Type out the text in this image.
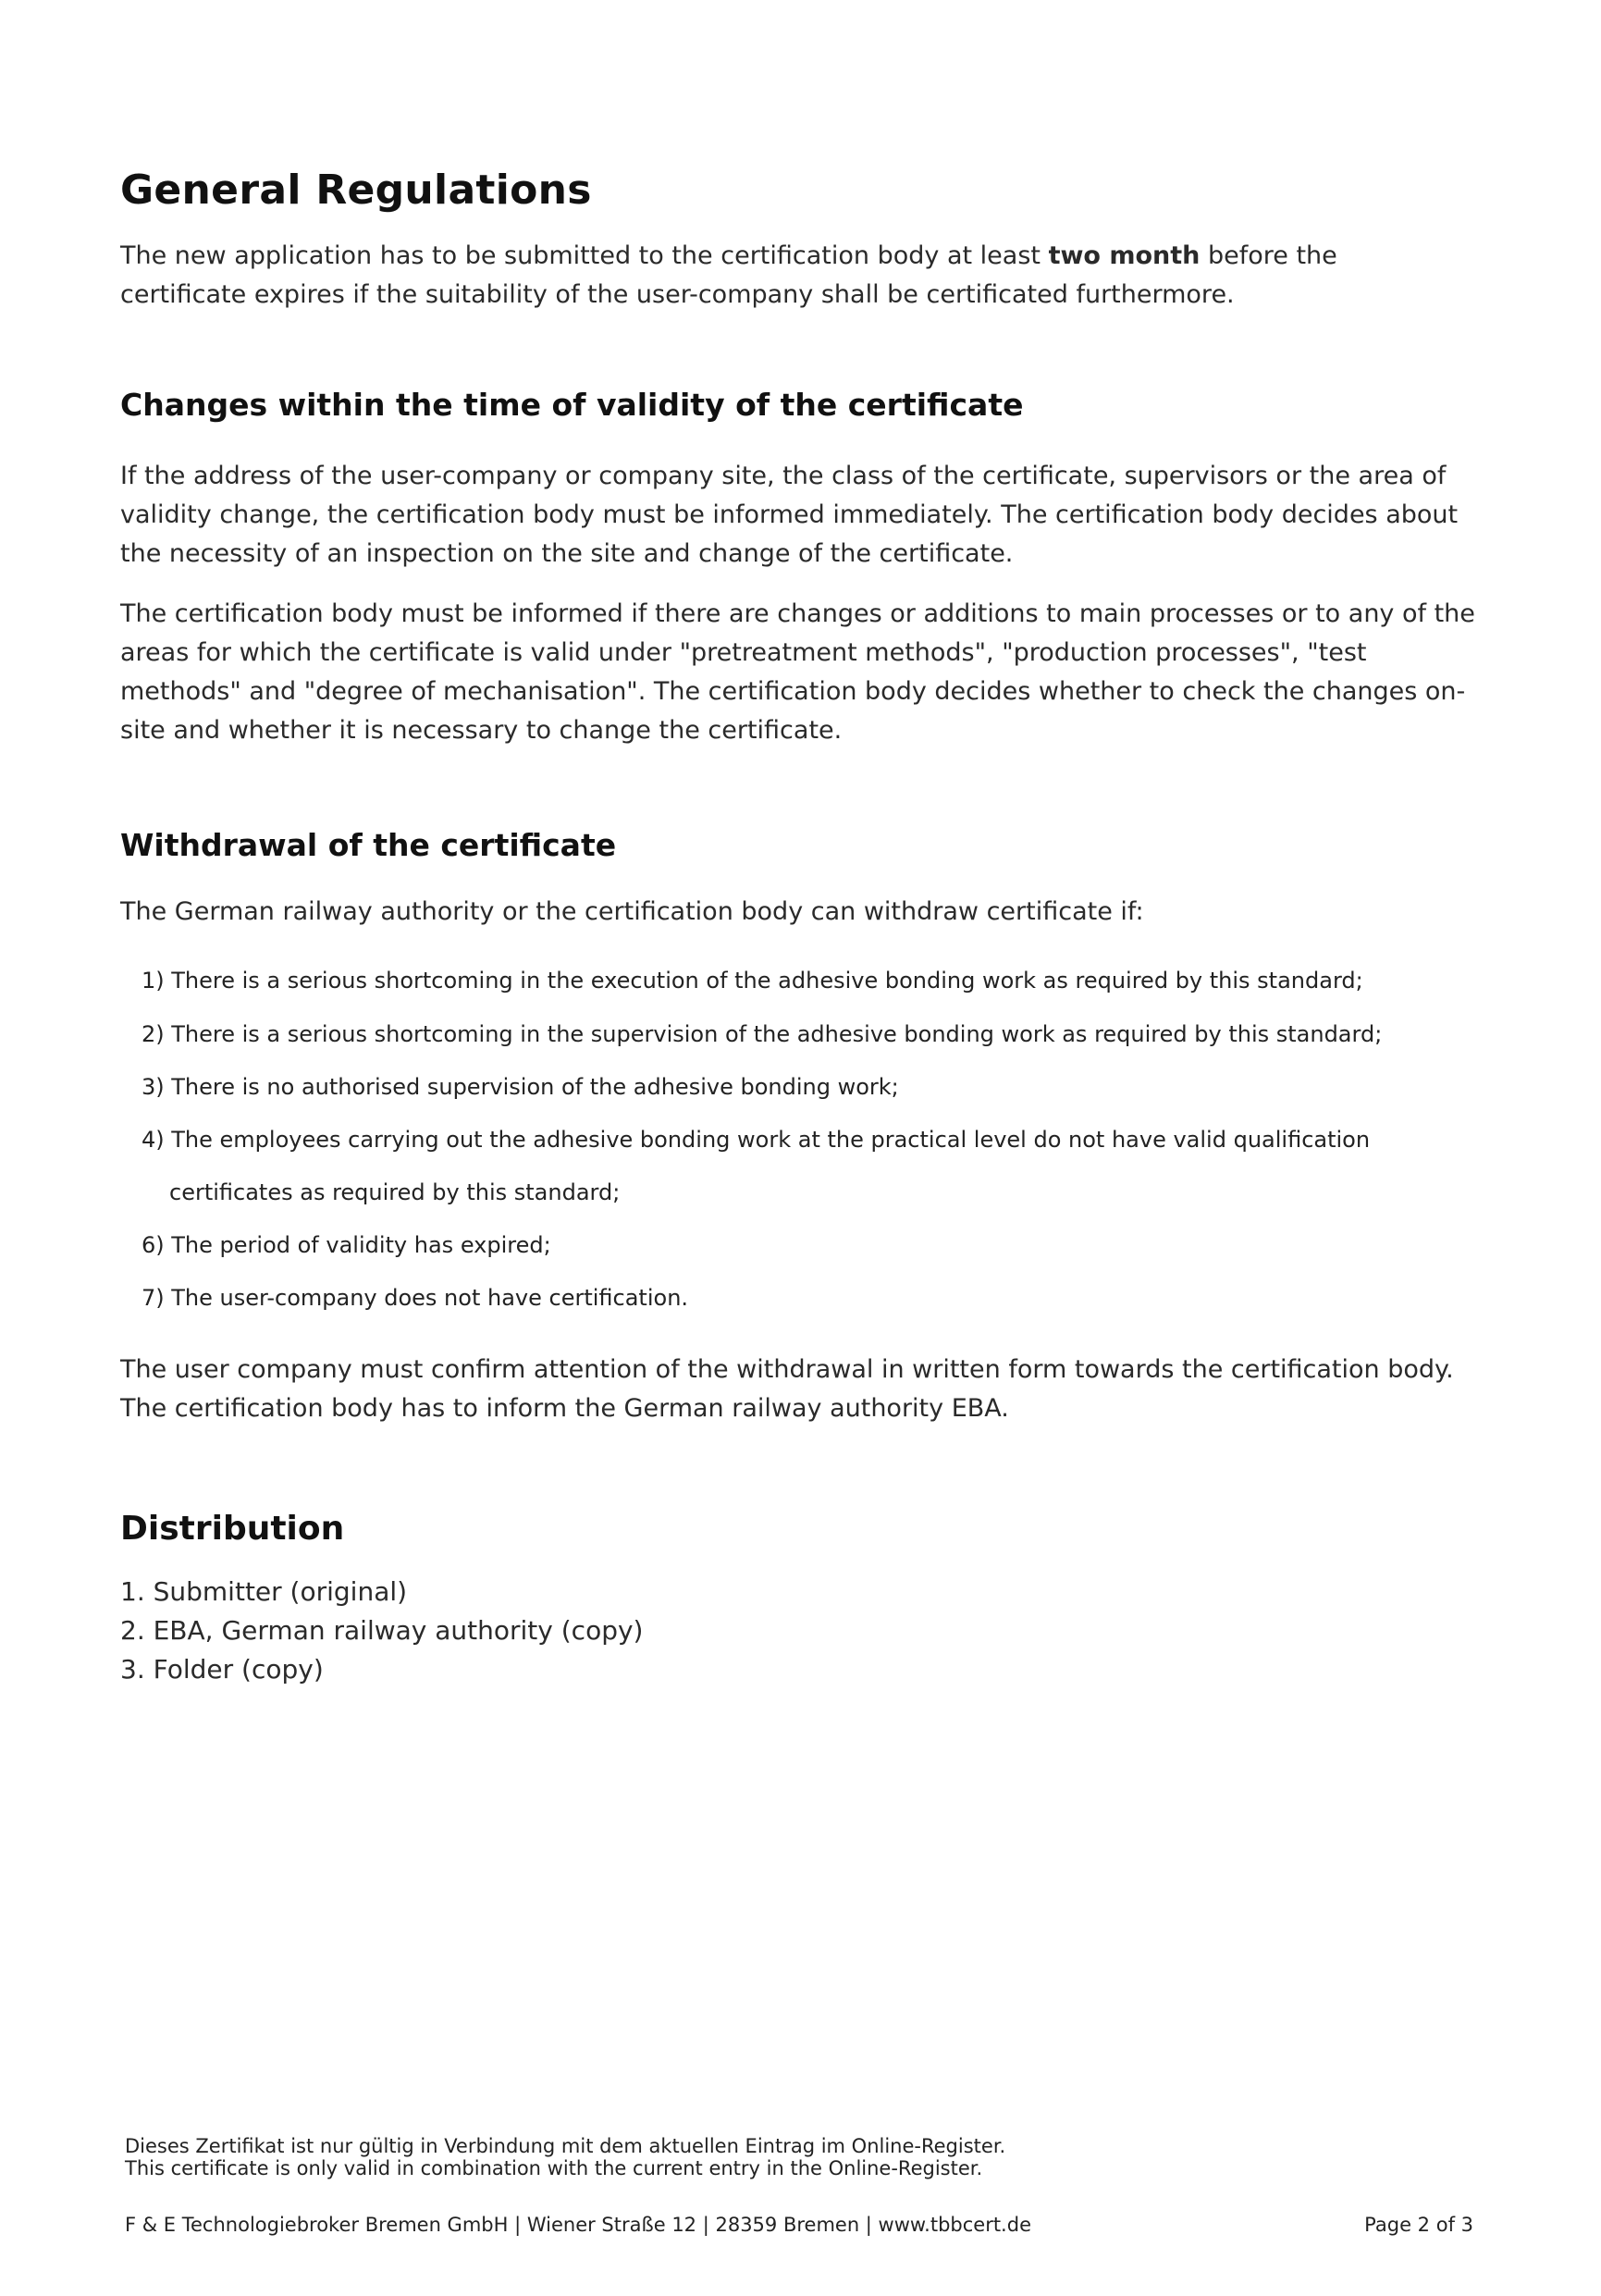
General Regulations

The new application has to be submitted to the certification body at least two month before the certificate expires if the suitability of the user-company shall be certificated furthermore.

Changes within the time of validity of the certificate

If the address of the user-company or company site, the class of the certificate, supervisors or the area of validity change, the certification body must be informed immediately. The certification body decides about the necessity of an inspection on the site and change of the certificate.

The certification body must be informed if there are changes or additions to main processes or to any of the areas for which the certificate is valid under "pretreatment methods", "production processes", "test methods" and "degree of mechanisation". The certification body decides whether to check the changes on-site and whether it is necessary to change the certificate.

Withdrawal of the certificate

The German railway authority or the certification body can withdraw certificate if:

1) There is a serious shortcoming in the execution of the adhesive bonding work as required by this standard;
2) There is a serious shortcoming in the supervision of the adhesive bonding work as required by this standard;
3) There is no authorised supervision of the adhesive bonding work;
4) The employees carrying out the adhesive bonding work at the practical level do not have valid qualification
certificates as required by this standard;
6) The period of validity has expired;
7) The user-company does not have certification.

The user company must confirm attention of the withdrawal in written form towards the certification body. The certification body has to inform the German railway authority EBA.

Distribution
1. Submitter (original)
2. EBA, German railway authority (copy)
3. Folder (copy)
Dieses Zertifikat ist nur gültig in Verbindung mit dem aktuellen Eintrag im Online-Register.
This certificate is only valid in combination with the current entry in the Online-Register.
F & E Technologiebroker Bremen GmbH | Wiener Straße 12 | 28359 Bremen | www.tbbcert.de	Page 2 of 3
